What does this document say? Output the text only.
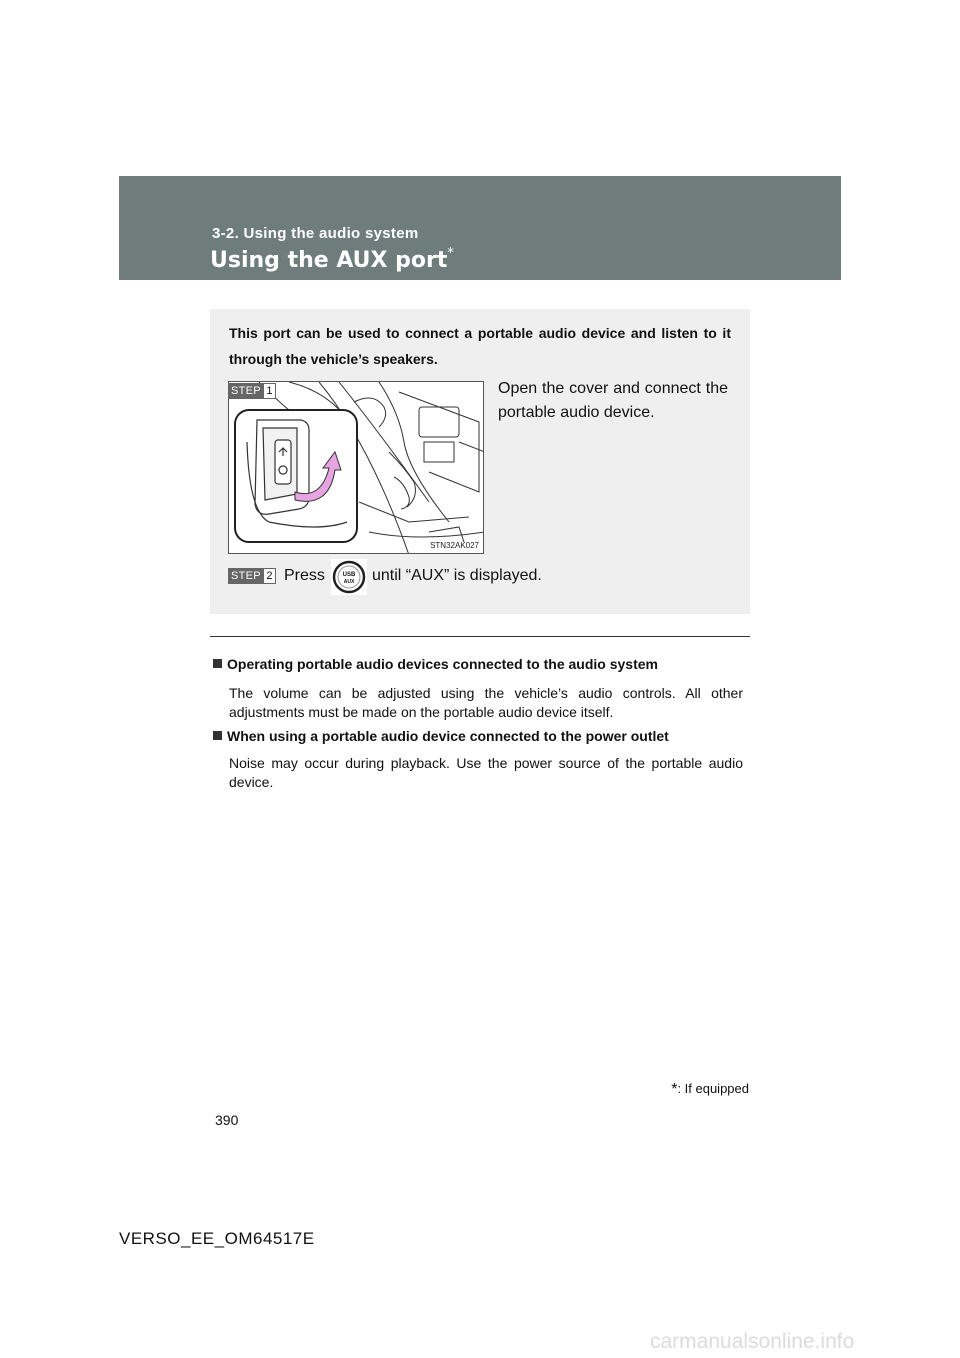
3-2. Using the audio system
Using the AUX port*
This port can be used to connect a portable audio device and listen to it through the vehicle’s speakers.
STN32AK027
STEP 1	Open the cover and connect the portable audio device.
STEP 2 Press	USB
AUX until “AUX” is displayed.
Operating portable audio devices connected to the audio system
The volume can be adjusted using the vehicle’s audio controls. All other adjustments must be made on the portable audio device itself.
When using a portable audio device connected to the power outlet
Noise may occur during playback. Use the power source of the portable audio device.
*: If equipped
390
VERSO_EE_OM64517E
carmanualsonline.info
